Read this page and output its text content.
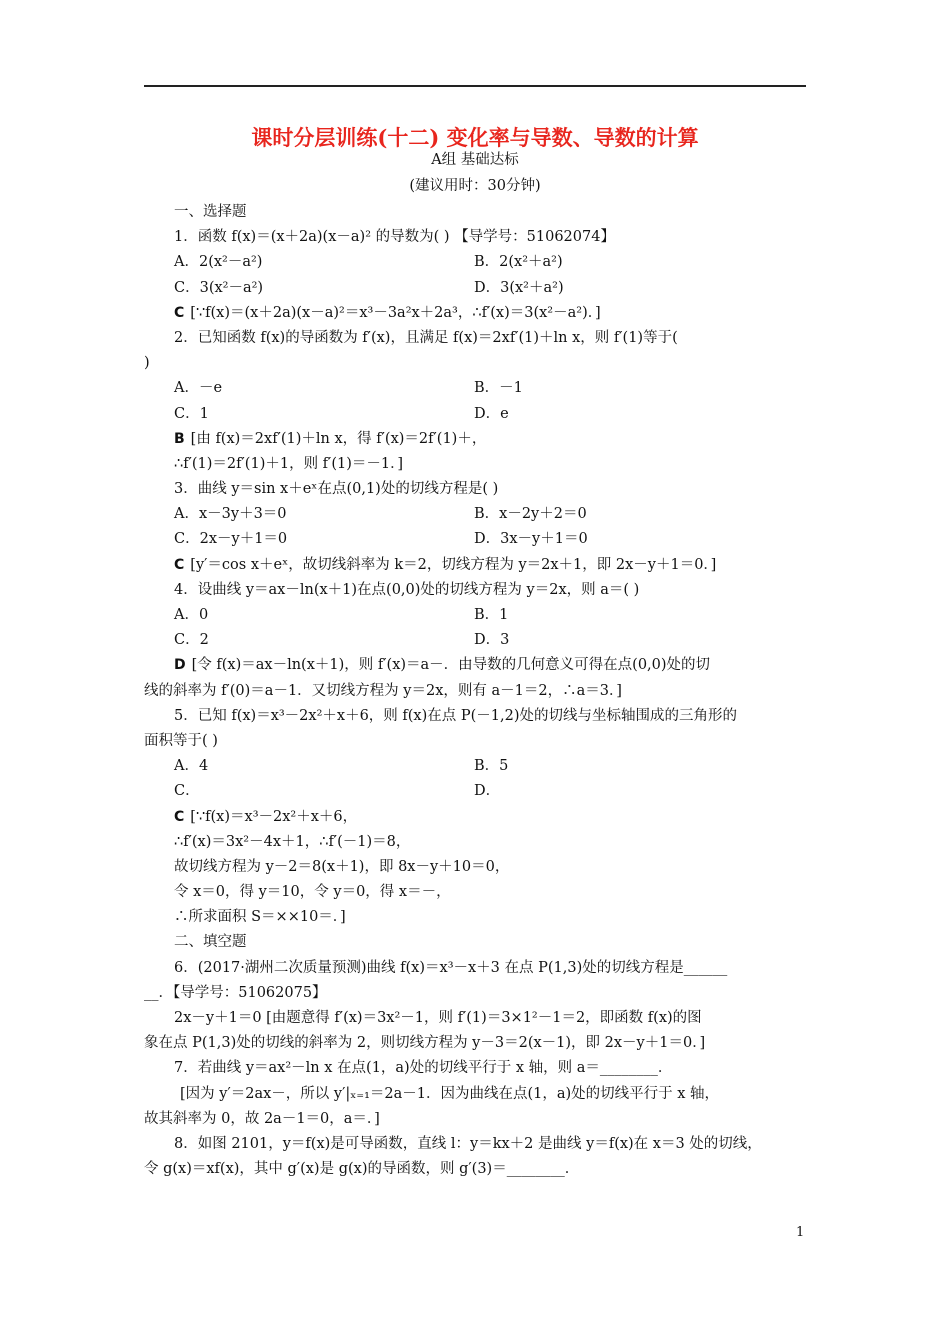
课时分层训练(十二) 变化率与导数、导数的计算
A组 基础达标
(建议用时：30分钟)
一、选择题
1．函数 f(x)＝(x＋2a)(x－a)² 的导数为( ) 【导学号：51062074】
A．2(x²－a²)	B．2(x²＋a²)
C．3(x²－a²)	D．3(x²＋a²)
C [∵f(x)＝(x＋2a)(x－a)²＝x³－3a²x＋2a³，∴f′(x)＝3(x²－a²)．]
2．已知函数 f(x)的导函数为 f′(x)，且满足 f(x)＝2xf′(1)＋ln x，则 f′(1)等于(
)
A．－e	B．－1
C．1	D．e
B [由 f(x)＝2xf′(1)＋ln x，得 f′(x)＝2f′(1)＋，
∴f′(1)＝2f′(1)＋1，则 f′(1)＝－1．]
3．曲线 y＝sin x＋eˣ在点(0,1)处的切线方程是( )
A．x－3y＋3＝0	B．x－2y＋2＝0
C．2x－y＋1＝0	D．3x－y＋1＝0
C [y′＝cos x＋eˣ，故切线斜率为 k＝2，切线方程为 y＝2x＋1，即 2x－y＋1＝0．]
4．设曲线 y＝ax－ln(x＋1)在点(0,0)处的切线方程为 y＝2x，则 a＝( )
A．0	B．1
C．2	D．3
D [令 f(x)＝ax－ln(x＋1)，则 f′(x)＝a－．由导数的几何意义可得在点(0,0)处的切
线的斜率为 f′(0)＝a－1．又切线方程为 y＝2x，则有 a－1＝2，∴a＝3．]
5．已知 f(x)＝x³－2x²＋x＋6，则 f(x)在点 P(－1,2)处的切线与坐标轴围成的三角形的
面积等于( )
A．4	B．5
C．	D．
C [∵f(x)＝x³－2x²＋x＋6，
∴f′(x)＝3x²－4x＋1，∴f′(－1)＝8，
故切线方程为 y－2＝8(x＋1)，即 8x－y＋10＝0，
令 x＝0，得 y＝10，令 y＝0，得 x＝－，
∴所求面积 S＝××10＝．]
二、填空题
6．(2017·湖州二次质量预测)曲线 f(x)＝x³－x＋3 在点 P(1,3)处的切线方程是______
__．【导学号：51062075】
2x－y＋1＝0 [由题意得 f′(x)＝3x²－1，则 f′(1)＝3×1²－1＝2，即函数 f(x)的图
象在点 P(1,3)处的切线的斜率为 2，则切线方程为 y－3＝2(x－1)，即 2x－y＋1＝0．]
7．若曲线 y＝ax²－ln x 在点(1，a)处的切线平行于 x 轴，则 a＝________．
[因为 y′＝2ax－，所以 y′|ₓ₌₁＝2a－1．因为曲线在点(1，a)处的切线平行于 x 轴，
故其斜率为 0，故 2a－1＝0，a＝．]
8．如图 2101，y＝f(x)是可导函数，直线 l：y＝kx＋2 是曲线 y＝f(x)在 x＝3 处的切线，
令 g(x)＝xf(x)，其中 g′(x)是 g(x)的导函数，则 g′(3)＝________．
1
